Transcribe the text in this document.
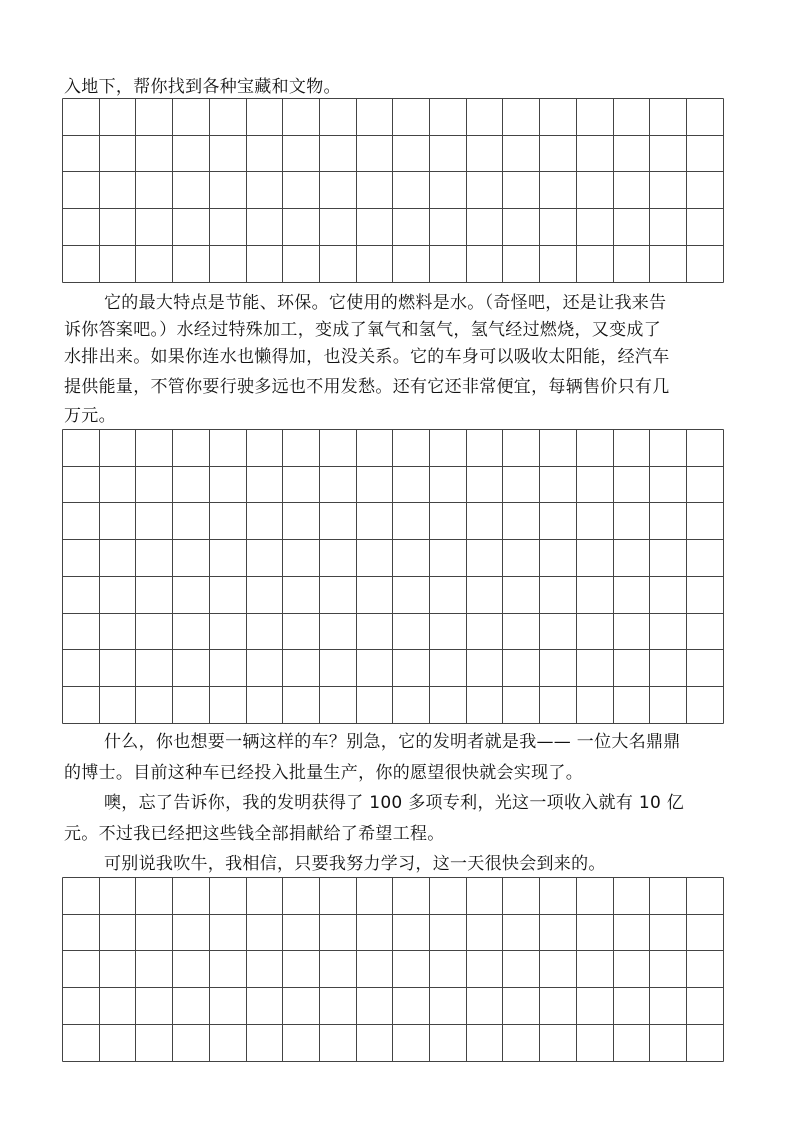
入地下，帮你找到各种宝藏和文物。
它的最大特点是节能、环保。它使用的燃料是水。（奇怪吧，还是让我来告
诉你答案吧。）水经过特殊加工，变成了氧气和氢气，氢气经过燃烧，又变成了
水排出来。如果你连水也懒得加，也没关系。它的车身可以吸收太阳能，经汽车
提供能量，不管你要行驶多远也不用发愁。还有它还非常便宜，每辆售价只有几
万元。
什么，你也想要一辆这样的车？别急，它的发明者就是我—— 一位大名鼎鼎
的博士。目前这种车已经投入批量生产，你的愿望很快就会实现了。
噢，忘了告诉你，我的发明获得了 100 多项专利，光这一项收入就有 10 亿
元。不过我已经把这些钱全部捐献给了希望工程。
可别说我吹牛，我相信，只要我努力学习，这一天很快会到来的。
